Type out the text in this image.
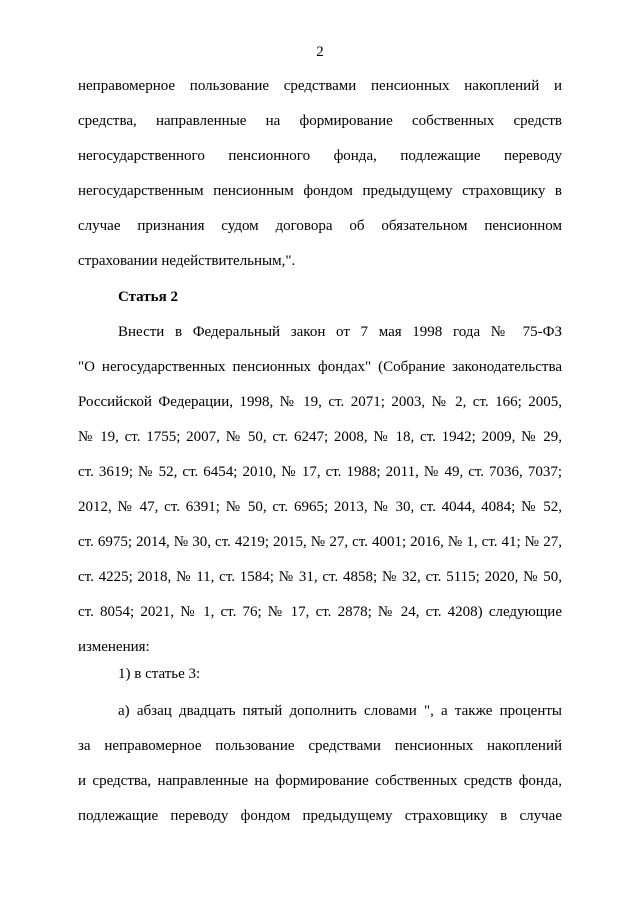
2
неправомерное пользование средствами пенсионных накоплений и
средства, направленные на формирование собственных средств
негосударственного пенсионного фонда, подлежащие переводу
негосударственным пенсионным фондом предыдущему страховщику в
случае признания судом договора об обязательном пенсионном
страховании недействительным,".
Статья 2
Внести в Федеральный закон от 7 мая 1998 года № 75-ФЗ
"О негосударственных пенсионных фондах" (Собрание законодательства
Российской Федерации, 1998, № 19, ст. 2071; 2003, № 2, ст. 166; 2005,
№ 19, ст. 1755; 2007, № 50, ст. 6247; 2008, № 18, ст. 1942; 2009, № 29,
ст. 3619; № 52, ст. 6454; 2010, № 17, ст. 1988; 2011, № 49, ст. 7036, 7037;
2012, № 47, ст. 6391; № 50, ст. 6965; 2013, № 30, ст. 4044, 4084; № 52,
ст. 6975; 2014, № 30, ст. 4219; 2015, № 27, ст. 4001; 2016, № 1, ст. 41; № 27,
ст. 4225; 2018, № 11, ст. 1584; № 31, ст. 4858; № 32, ст. 5115; 2020, № 50,
ст. 8054; 2021, № 1, ст. 76; № 17, ст. 2878; № 24, ст. 4208) следующие
изменения:
1) в статье 3:
а) абзац двадцать пятый дополнить словами ", а также проценты
за неправомерное пользование средствами пенсионных накоплений
и средства, направленные на формирование собственных средств фонда,
подлежащие переводу фондом предыдущему страховщику в случае
